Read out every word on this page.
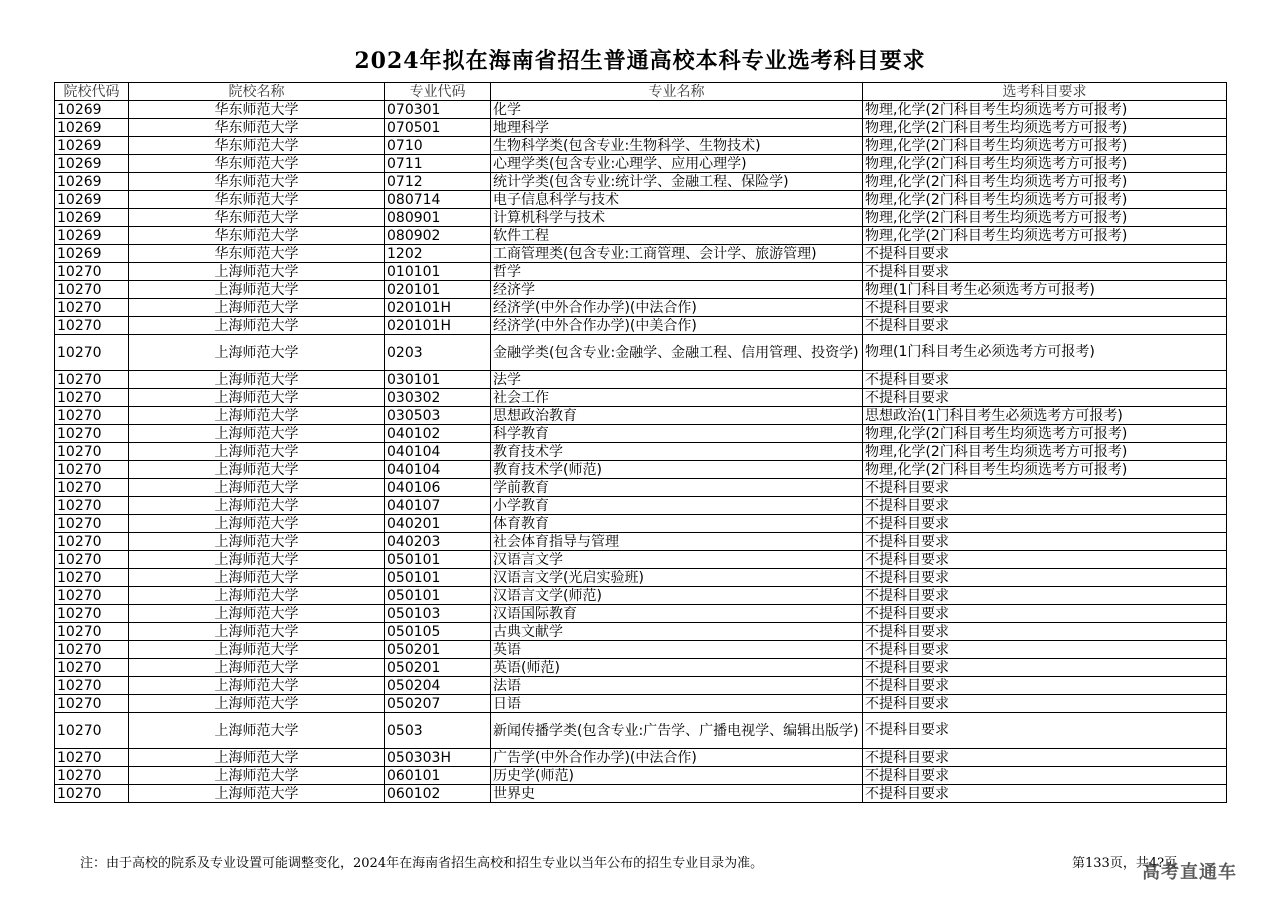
2024年拟在海南省招生普通高校本科专业选考科目要求
院校代码	院校名称	专业代码	专业名称	选考科目要求
10269	华东师范大学	070301	化学	物理,化学(2门科目考生均须选考方可报考)
10269	华东师范大学	070501	地理科学	物理,化学(2门科目考生均须选考方可报考)
10269	华东师范大学	0710	生物科学类(包含专业:生物科学、生物技术)	物理,化学(2门科目考生均须选考方可报考)
10269	华东师范大学	0711	心理学类(包含专业:心理学、应用心理学)	物理,化学(2门科目考生均须选考方可报考)
10269	华东师范大学	0712	统计学类(包含专业:统计学、金融工程、保险学)	物理,化学(2门科目考生均须选考方可报考)
10269	华东师范大学	080714	电子信息科学与技术	物理,化学(2门科目考生均须选考方可报考)
10269	华东师范大学	080901	计算机科学与技术	物理,化学(2门科目考生均须选考方可报考)
10269	华东师范大学	080902	软件工程	物理,化学(2门科目考生均须选考方可报考)
10269	华东师范大学	1202	工商管理类(包含专业:工商管理、会计学、旅游管理)	不提科目要求
10270	上海师范大学	010101	哲学	不提科目要求
10270	上海师范大学	020101	经济学	物理(1门科目考生必须选考方可报考)
10270	上海师范大学	020101H	经济学(中外合作办学)(中法合作)	不提科目要求
10270	上海师范大学	020101H	经济学(中外合作办学)(中美合作)	不提科目要求
10270	上海师范大学	0203	金融学类(包含专业:金融学、金融工程、信用管理、投资学)	物理(1门科目考生必须选考方可报考)
10270	上海师范大学	030101	法学	不提科目要求
10270	上海师范大学	030302	社会工作	不提科目要求
10270	上海师范大学	030503	思想政治教育	思想政治(1门科目考生必须选考方可报考)
10270	上海师范大学	040102	科学教育	物理,化学(2门科目考生均须选考方可报考)
10270	上海师范大学	040104	教育技术学	物理,化学(2门科目考生均须选考方可报考)
10270	上海师范大学	040104	教育技术学(师范)	物理,化学(2门科目考生均须选考方可报考)
10270	上海师范大学	040106	学前教育	不提科目要求
10270	上海师范大学	040107	小学教育	不提科目要求
10270	上海师范大学	040201	体育教育	不提科目要求
10270	上海师范大学	040203	社会体育指导与管理	不提科目要求
10270	上海师范大学	050101	汉语言文学	不提科目要求
10270	上海师范大学	050101	汉语言文学(光启实验班)	不提科目要求
10270	上海师范大学	050101	汉语言文学(师范)	不提科目要求
10270	上海师范大学	050103	汉语国际教育	不提科目要求
10270	上海师范大学	050105	古典文献学	不提科目要求
10270	上海师范大学	050201	英语	不提科目要求
10270	上海师范大学	050201	英语(师范)	不提科目要求
10270	上海师范大学	050204	法语	不提科目要求
10270	上海师范大学	050207	日语	不提科目要求
10270	上海师范大学	0503	新闻传播学类(包含专业:广告学、广播电视学、编辑出版学)	不提科目要求
10270	上海师范大学	050303H	广告学(中外合作办学)(中法合作)	不提科目要求
10270	上海师范大学	060101	历史学(师范)	不提科目要求
10270	上海师范大学	060102	世界史	不提科目要求
注：由于高校的院系及专业设置可能调整变化，2024年在海南省招生高校和招生专业以当年公布的招生专业目录为准。	第133页，共4?页
高考直通车
